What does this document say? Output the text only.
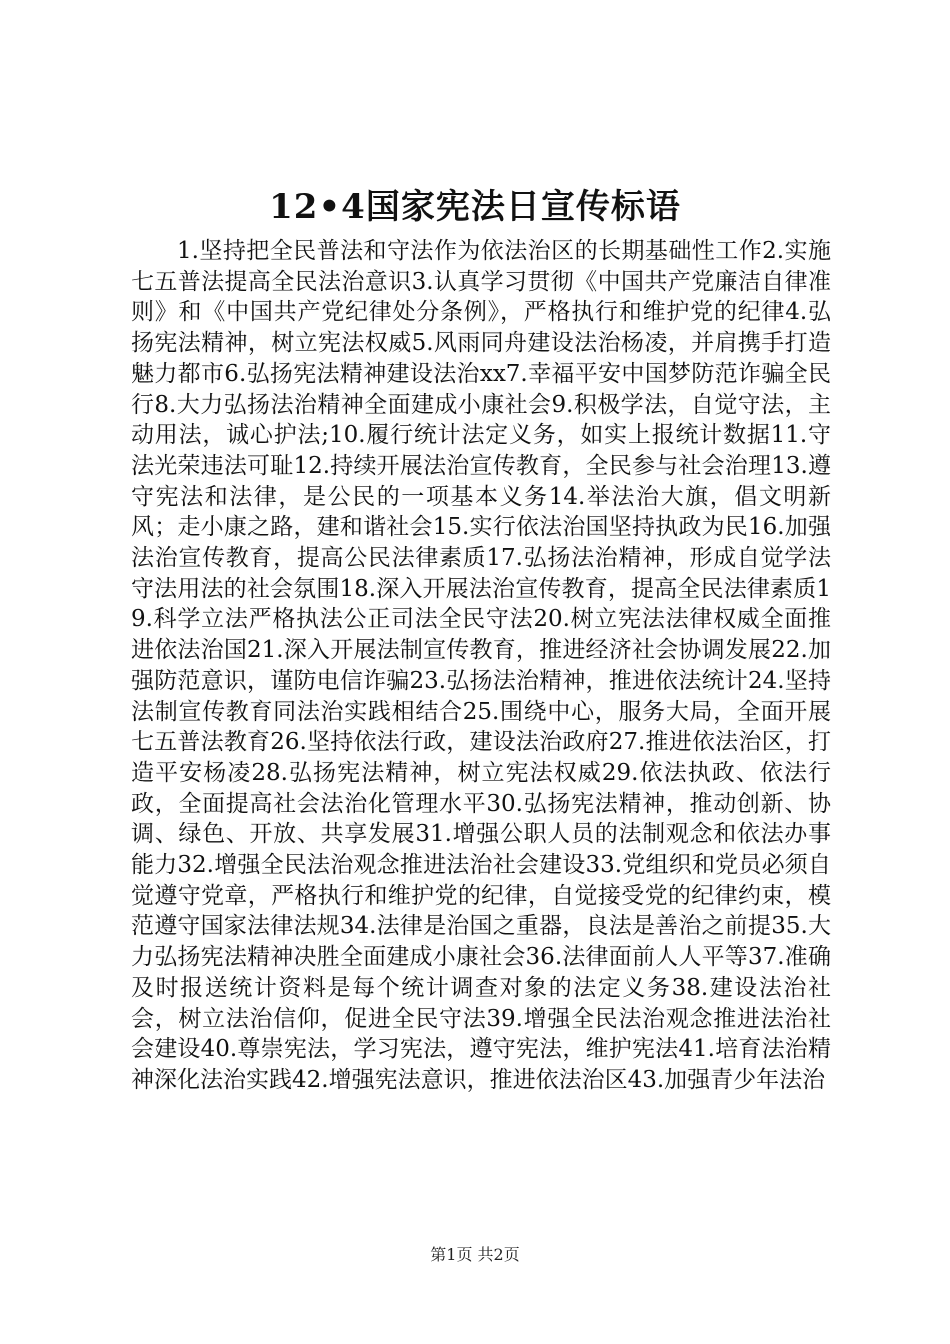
12•4国家宪法日宣传标语

1.坚持把全民普法和守法作为依法治区的长期基础性工作2.实施七五普法提高全民法治意识3.认真学习贯彻《中国共产党廉洁自律准则》和《中国共产党纪律处分条例》，严格执行和维护党的纪律4.弘扬宪法精神，树立宪法权威5.风雨同舟建设法治杨凌，并肩携手打造魅力都市6.弘扬宪法精神建设法治xx7.幸福平安中国梦防范诈骗全民行8.大力弘扬法治精神全面建成小康社会9.积极学法，自觉守法，主动用法，诚心护法;10.履行统计法定义务，如实上报统计数据11.守法光荣违法可耻12.持续开展法治宣传教育，全民参与社会治理13.遵守宪法和法律，是公民的一项基本义务14.举法治大旗，倡文明新风；走小康之路，建和谐社会15.实行依法治国坚持执政为民16.加强法治宣传教育，提高公民法律素质17.弘扬法治精神，形成自觉学法守法用法的社会氛围18.深入开展法治宣传教育，提高全民法律素质19.科学立法严格执法公正司法全民守法20.树立宪法法律权威全面推进依法治国21.深入开展法制宣传教育，推进经济社会协调发展22.加强防范意识，谨防电信诈骗23.弘扬法治精神，推进依法统计24.坚持法制宣传教育同法治实践相结合25.围绕中心，服务大局，全面开展七五普法教育26.坚持依法行政，建设法治政府27.推进依法治区，打造平安杨凌28.弘扬宪法精神，树立宪法权威29.依法执政、依法行政，全面提高社会法治化管理水平30.弘扬宪法精神，推动创新、协调、绿色、开放、共享发展31.增强公职人员的法制观念和依法办事能力32.增强全民法治观念推进法治社会建设33.党组织和党员必须自觉遵守党章，严格执行和维护党的纪律，自觉接受党的纪律约束，模范遵守国家法律法规34.法律是治国之重器，良法是善治之前提35.大力弘扬宪法精神决胜全面建成小康社会36.法律面前人人平等37.准确及时报送统计资料是每个统计调查对象的法定义务38.建设法治社会，树立法治信仰，促进全民守法39.增强全民法治观念推进法治社会建设40.尊崇宪法，学习宪法，遵守宪法，维护宪法41.培育法治精神深化法治实践42.增强宪法意识，推进依法治区43.加强青少年法治

第1页 共2页
